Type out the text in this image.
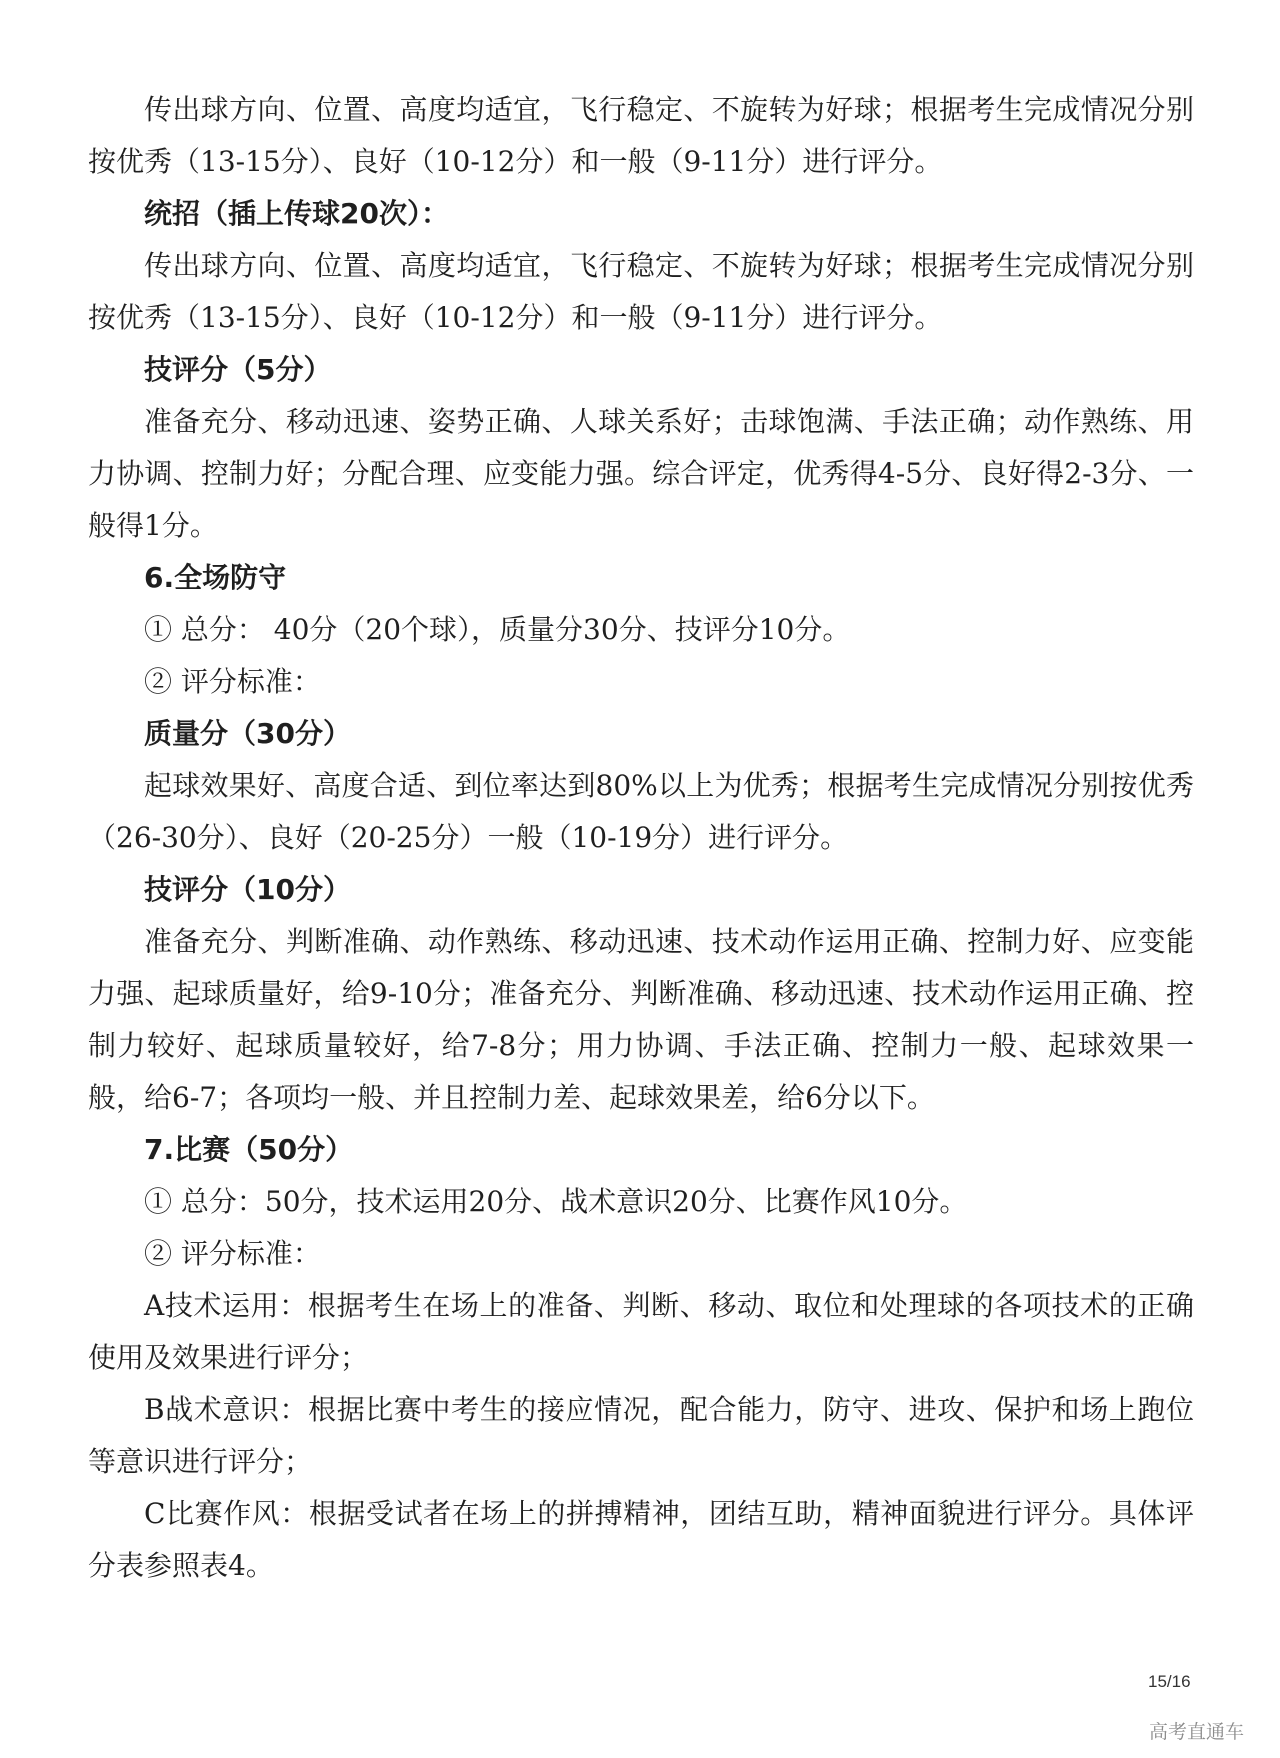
传出球方向、位置、高度均适宜，飞行稳定、不旋转为好球；根据考生完成情况分别按优秀（13-15分）、良好（10-12分）和一般（9-11分）进行评分。

统招（插上传球20次）：

传出球方向、位置、高度均适宜，飞行稳定、不旋转为好球；根据考生完成情况分别按优秀（13-15分）、良好（10-12分）和一般（9-11分）进行评分。

技评分（5分）

准备充分、移动迅速、姿势正确、人球关系好；击球饱满、手法正确；动作熟练、用力协调、控制力好；分配合理、应变能力强。综合评定，优秀得4-5分、良好得2-3分、一般得1分。

6.全场防守

① 总分： 40分（20个球），质量分30分、技评分10分。

② 评分标准：

质量分（30分）

起球效果好、高度合适、到位率达到80%以上为优秀；根据考生完成情况分别按优秀（26-30分）、良好（20-25分）一般（10-19分）进行评分。

技评分（10分）

准备充分、判断准确、动作熟练、移动迅速、技术动作运用正确、控制力好、应变能力强、起球质量好，给9-10分；准备充分、判断准确、移动迅速、技术动作运用正确、控制力较好、起球质量较好，给7-8分；用力协调、手法正确、控制力一般、起球效果一般，给6-7；各项均一般、并且控制力差、起球效果差，给6分以下。

7.比赛（50分）

① 总分：50分，技术运用20分、战术意识20分、比赛作风10分。

② 评分标准：

A技术运用：根据考生在场上的准备、判断、移动、取位和处理球的各项技术的正确使用及效果进行评分；

B战术意识：根据比赛中考生的接应情况，配合能力，防守、进攻、保护和场上跑位等意识进行评分；

C比赛作风：根据受试者在场上的拼搏精神，团结互助，精神面貌进行评分。具体评分表参照表4。

15/16
高考直通车
